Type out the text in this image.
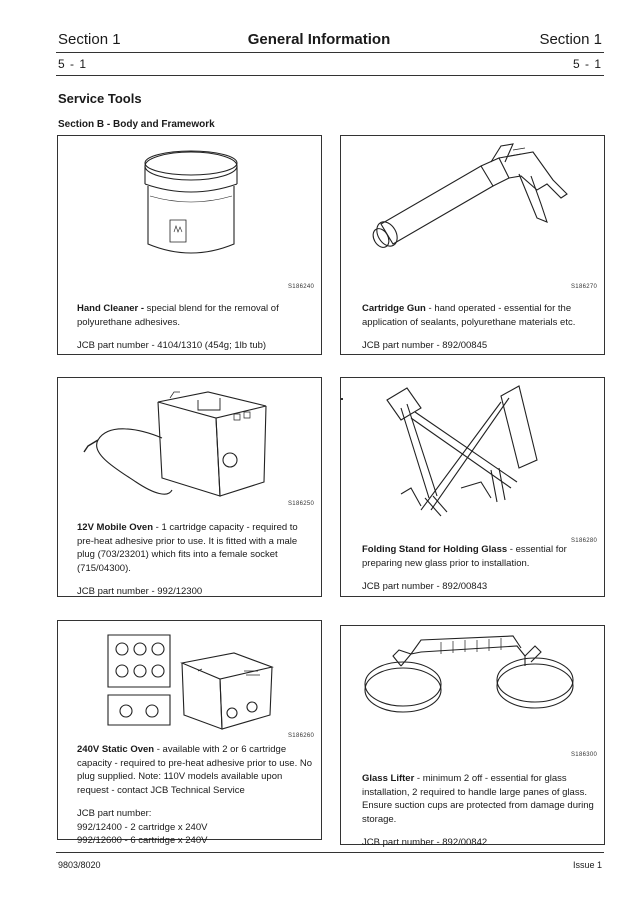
Section 1	General Information	Section 1
5 - 1	5 - 1
Service Tools
Section B - Body and Framework
S186240

Hand Cleaner - special blend for the removal of polyurethane adhesives.

JCB part number - 4104/1310 (454g; 1lb tub)

S186270

Cartridge Gun - hand operated - essential for the application of sealants, polyurethane materials etc.

JCB part number - 892/00845

S186250

12V Mobile Oven - 1 cartridge capacity - required to pre-heat adhesive prior to use. It is fitted with a male plug (703/23201) which fits into a female socket (715/04300).

JCB part number - 992/12300

S186280

Folding Stand for Holding Glass - essential for preparing new glass prior to installation.

JCB part number - 892/00843

S186260

240V Static Oven - available with 2 or 6 cartridge capacity - required to pre-heat adhesive prior to use. No plug supplied. Note: 110V models available upon request - contact JCB Technical Service

JCB part number:

992/12400 - 2 cartridge x 240V

992/12600 - 6 cartridge x 240V

S186300

Glass Lifter - minimum 2 off - essential for glass installation, 2 required to handle large panes of glass. Ensure suction cups are protected from damage during storage.

JCB part number - 892/00842

9803/8020	Issue 1
